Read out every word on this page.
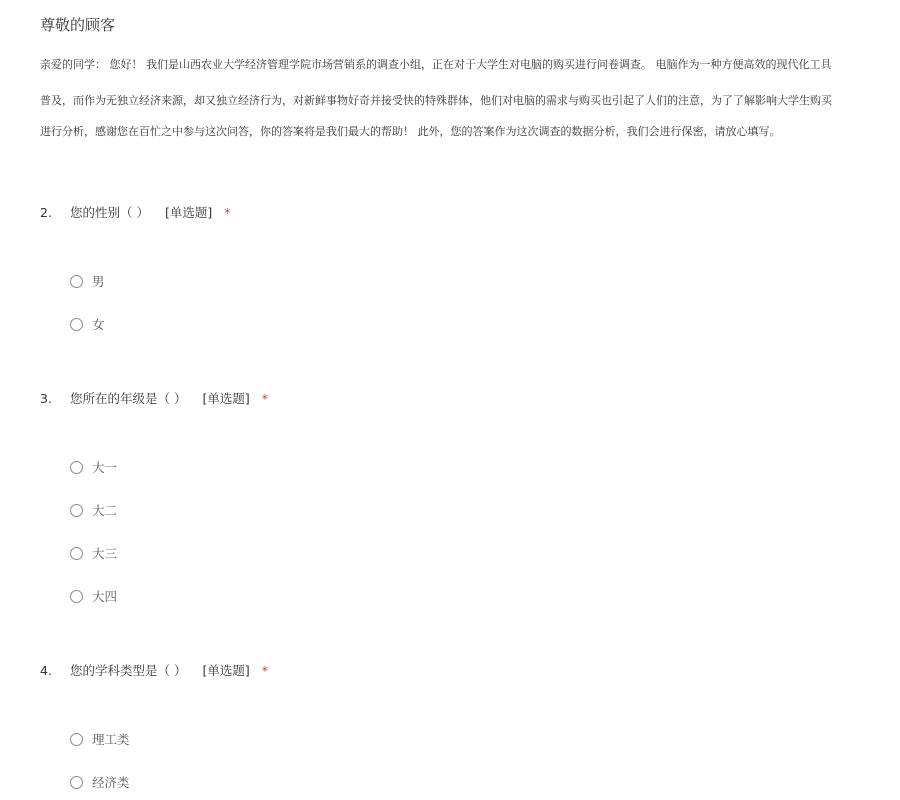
尊敬的顾客
亲爱的同学： 您好！ 我们是山西农业大学经济管理学院市场营销系的调查小组，正在对于大学生对电脑的购买进行问卷调查。 电脑作为一种方便高效的现代化工具
普及，而作为无独立经济来源，却又独立经济行为，对新鲜事物好奇并接受快的特殊群体，他们对电脑的需求与购买也引起了人们的注意，为了了解影响大学生购买
进行分析，感谢您在百忙之中参与这次问答，你的答案将是我们最大的帮助！ 此外，您的答案作为这次调查的数据分析，我们会进行保密，请放心填写。
2. 您的性别（ ） [单选题] *
男
女
3. 您所在的年级是（ ） [单选题] *
大一
大二
大三
大四
4. 您的学科类型是（ ） [单选题] *
理工类
经济类
